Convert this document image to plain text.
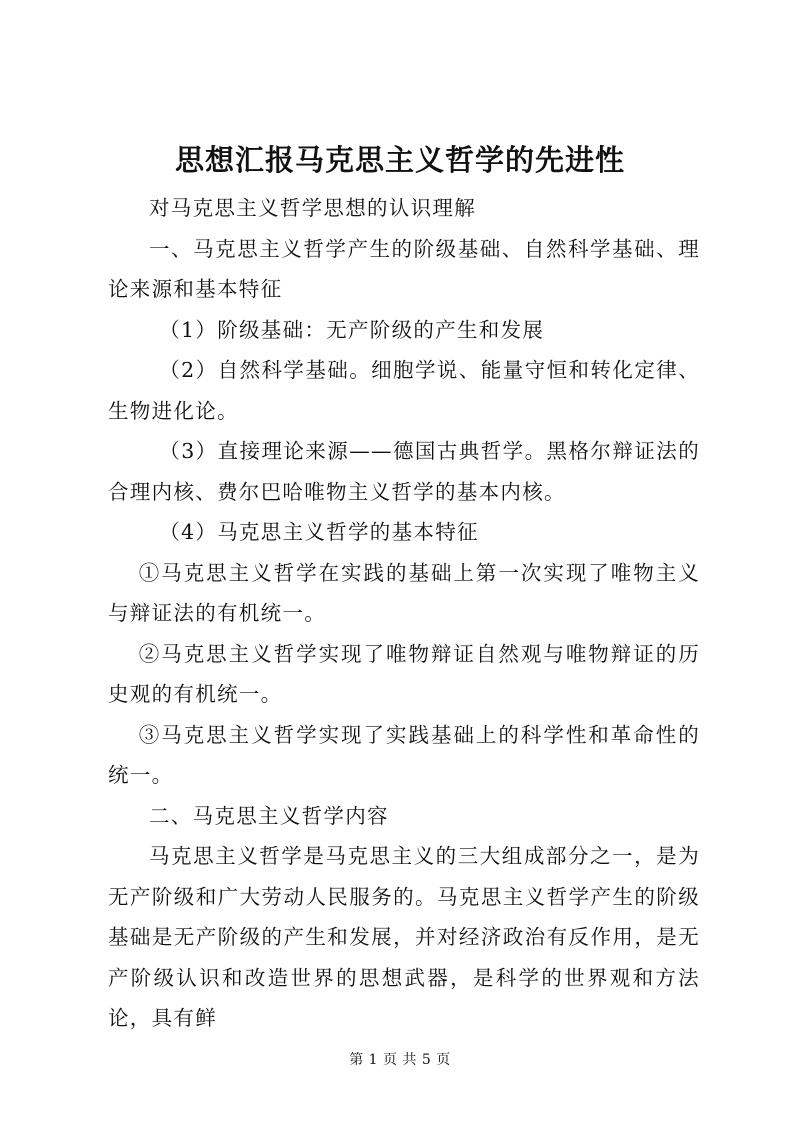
思想汇报马克思主义哲学的先进性

对马克思主义哲学思想的认识理解

一、马克思主义哲学产生的阶级基础、自然科学基础、理论来源和基本特征

（1）阶级基础：无产阶级的产生和发展

（2）自然科学基础。细胞学说、能量守恒和转化定律、生物进化论。

（3）直接理论来源——德国古典哲学。黑格尔辩证法的合理内核、费尔巴哈唯物主义哲学的基本内核。

（4）马克思主义哲学的基本特征

①马克思主义哲学在实践的基础上第一次实现了唯物主义与辩证法的有机统一。

②马克思主义哲学实现了唯物辩证自然观与唯物辩证的历史观的有机统一。

③马克思主义哲学实现了实践基础上的科学性和革命性的统一。

二、马克思主义哲学内容

马克思主义哲学是马克思主义的三大组成部分之一，是为无产阶级和广大劳动人民服务的。马克思主义哲学产生的阶级基础是无产阶级的产生和发展，并对经济政治有反作用，是无产阶级认识和改造世界的思想武器，是科学的世界观和方法论，具有鲜

第 1 页 共 5 页
